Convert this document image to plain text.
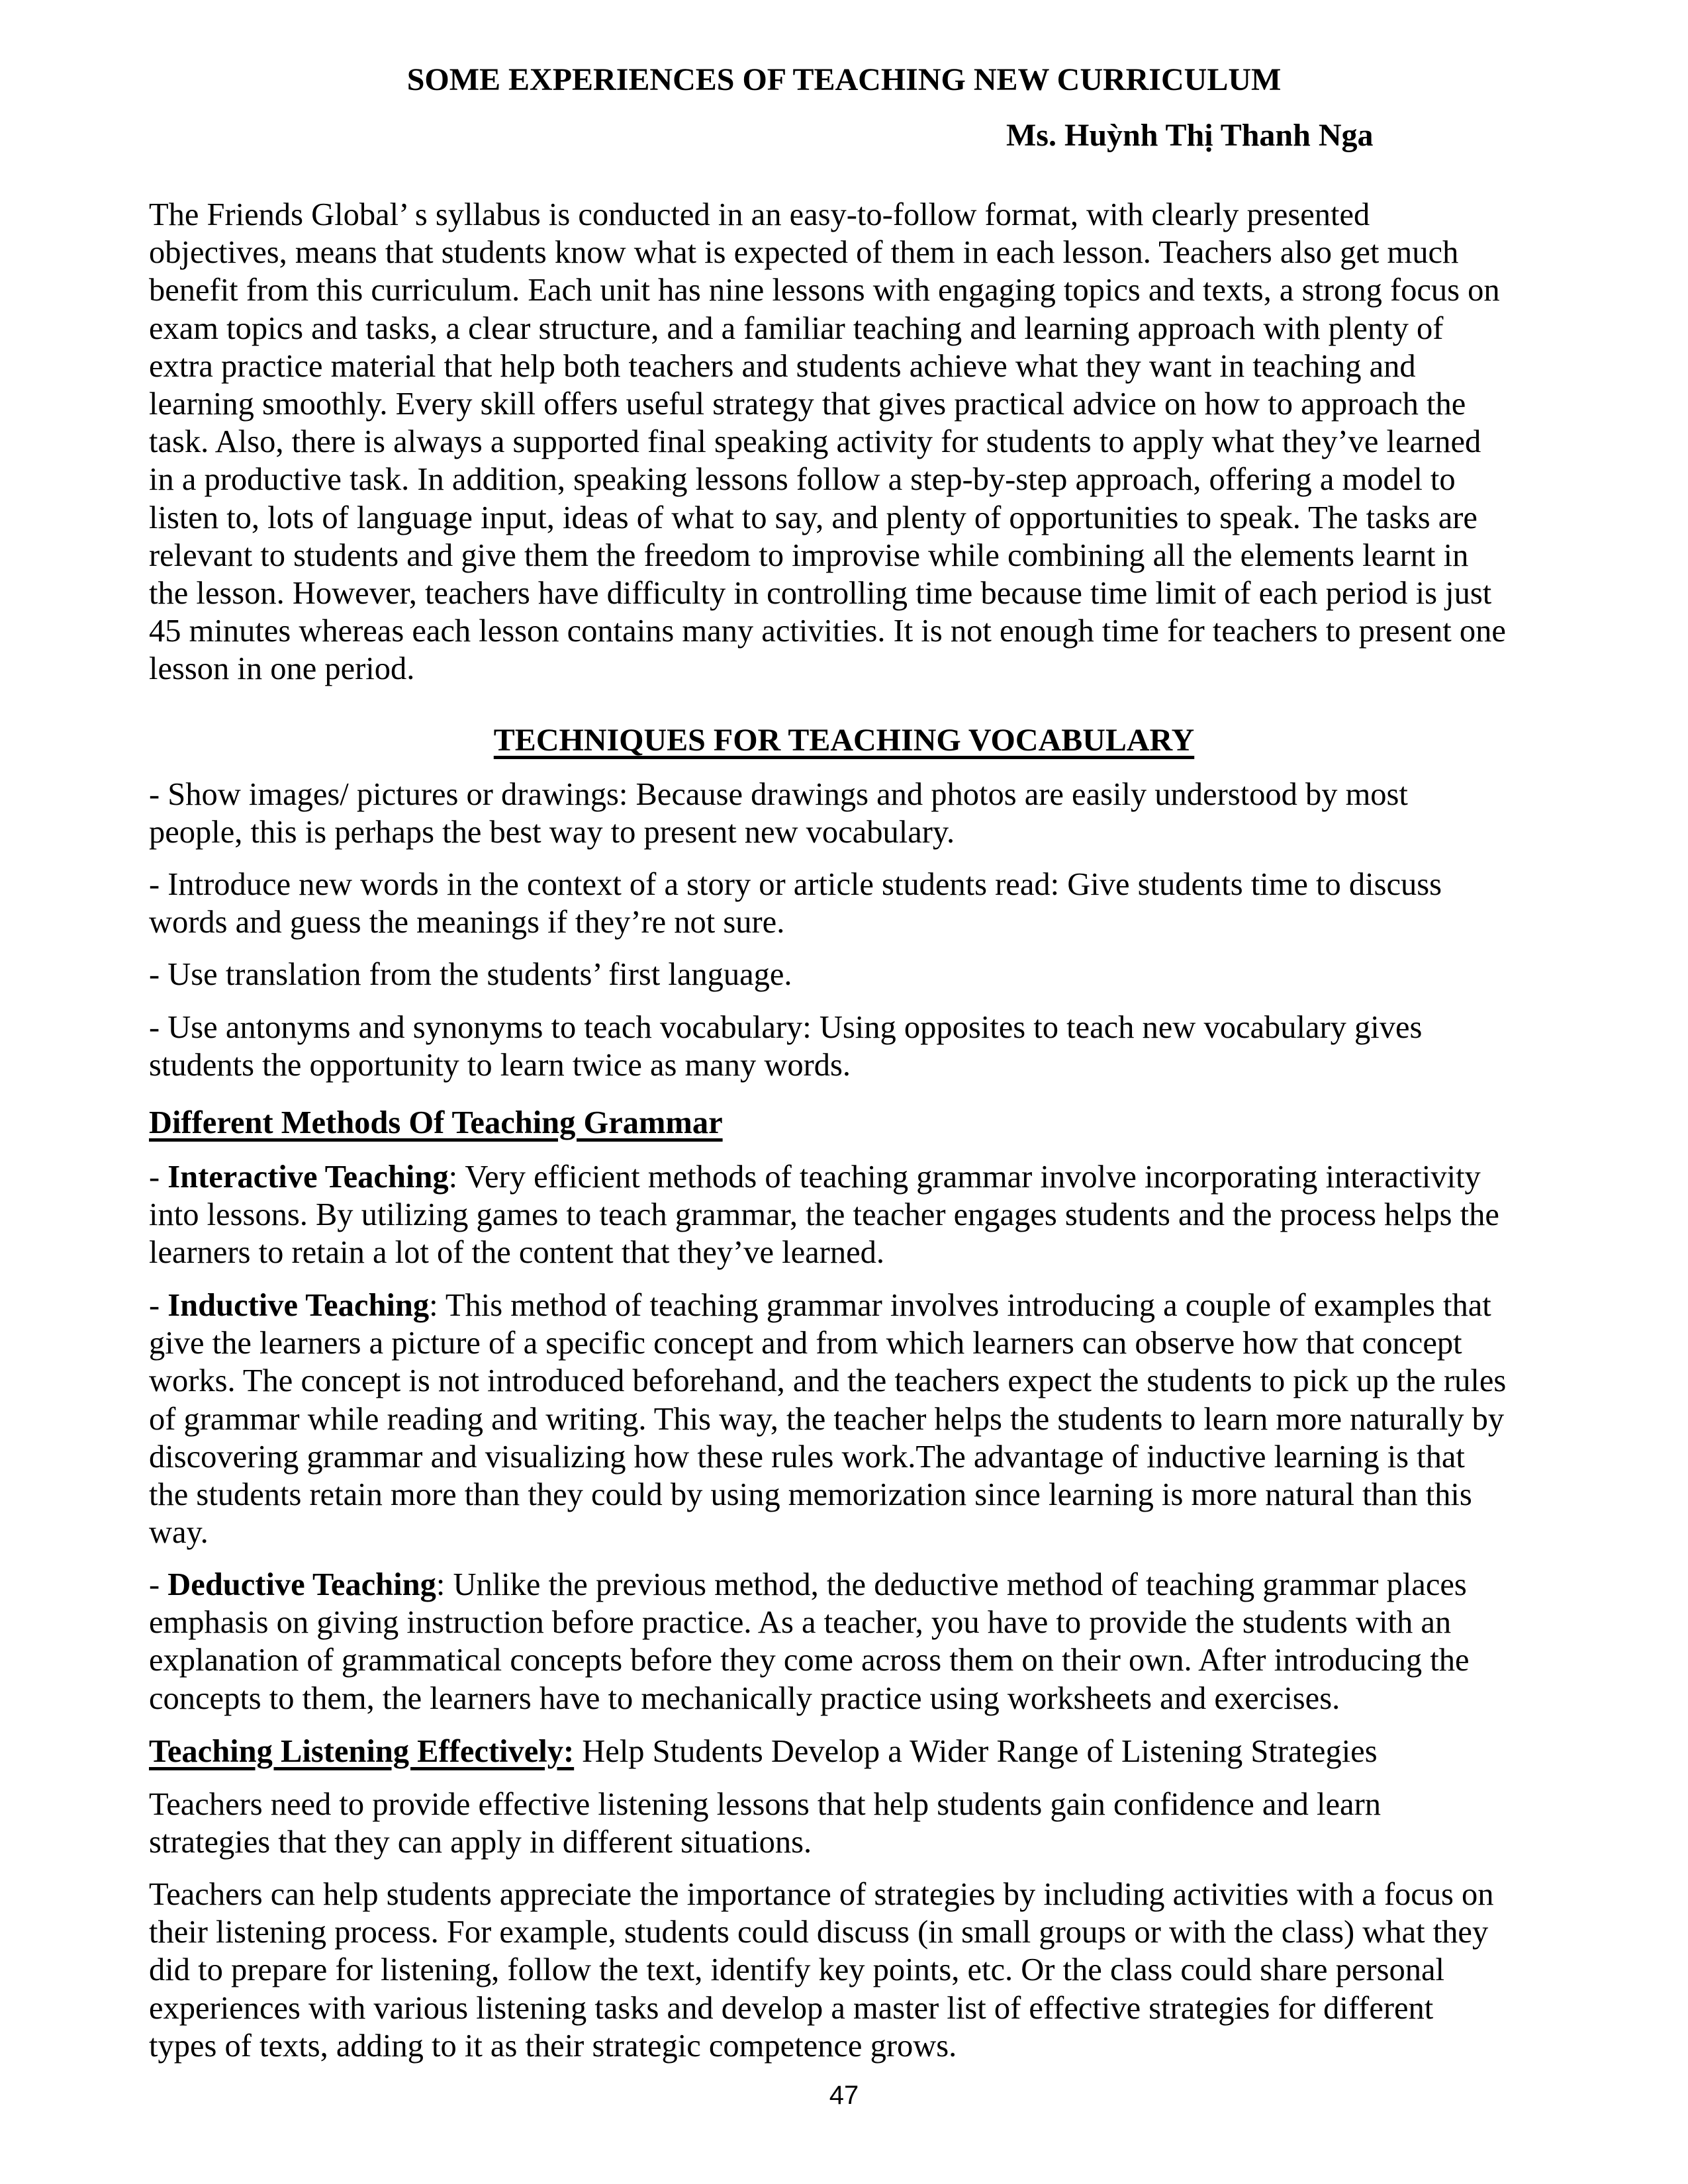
SOME EXPERIENCES OF TEACHING NEW CURRICULUM
Ms. Huỳnh Thị Thanh Nga
The Friends Global’ s syllabus is conducted in an easy-to-follow format, with clearly presented
objectives, means that students know what is expected of them in each lesson. Teachers also get much
benefit from this curriculum. Each unit has nine lessons with engaging topics and texts, a strong focus on
exam topics and tasks, a clear structure, and a familiar teaching and learning approach with plenty of
extra practice material that help both teachers and students achieve what they want in teaching and
learning smoothly. Every skill offers useful strategy that gives practical advice on how to approach the
task. Also, there is always a supported final speaking activity for students to apply what they’ve learned
in a productive task. In addition, speaking lessons follow a step-by-step approach, offering a model to
listen to, lots of language input, ideas of what to say, and plenty of opportunities to speak. The tasks are
relevant to students and give them the freedom to improvise while combining all the elements learnt in
the lesson. However, teachers have difficulty in controlling time because time limit of each period is just
45 minutes whereas each lesson contains many activities. It is not enough time for teachers to present one
lesson in one period.
TECHNIQUES FOR TEACHING VOCABULARY
- Show images/ pictures or drawings: Because drawings and photos are easily understood by most
people, this is perhaps the best way to present new vocabulary.
- Introduce new words in the context of a story or article students read: Give students time to discuss
words and guess the meanings if they’re not sure.
- Use translation from the students’ first language.
- Use antonyms and synonyms to teach vocabulary: Using opposites to teach new vocabulary gives
students the opportunity to learn twice as many words.
Different Methods Of Teaching Grammar
- Interactive Teaching: Very efficient methods of teaching grammar involve incorporating interactivity
into lessons. By utilizing games to teach grammar, the teacher engages students and the process helps the
learners to retain a lot of the content that they’ve learned.
- Inductive Teaching: This method of teaching grammar involves introducing a couple of examples that
give the learners a picture of a specific concept and from which learners can observe how that concept
works. The concept is not introduced beforehand, and the teachers expect the students to pick up the rules
of grammar while reading and writing. This way, the teacher helps the students to learn more naturally by
discovering grammar and visualizing how these rules work.The advantage of inductive learning is that
the students retain more than they could by using memorization since learning is more natural than this
way.
- Deductive Teaching: Unlike the previous method, the deductive method of teaching grammar places
emphasis on giving instruction before practice. As a teacher, you have to provide the students with an
explanation of grammatical concepts before they come across them on their own. After introducing the
concepts to them, the learners have to mechanically practice using worksheets and exercises.
Teaching Listening Effectively: Help Students Develop a Wider Range of Listening Strategies
Teachers need to provide effective listening lessons that help students gain confidence and learn
strategies that they can apply in different situations.
Teachers can help students appreciate the importance of strategies by including activities with a focus on
their listening process. For example, students could discuss (in small groups or with the class) what they
did to prepare for listening, follow the text, identify key points, etc. Or the class could share personal
experiences with various listening tasks and develop a master list of effective strategies for different
types of texts, adding to it as their strategic competence grows.
47
